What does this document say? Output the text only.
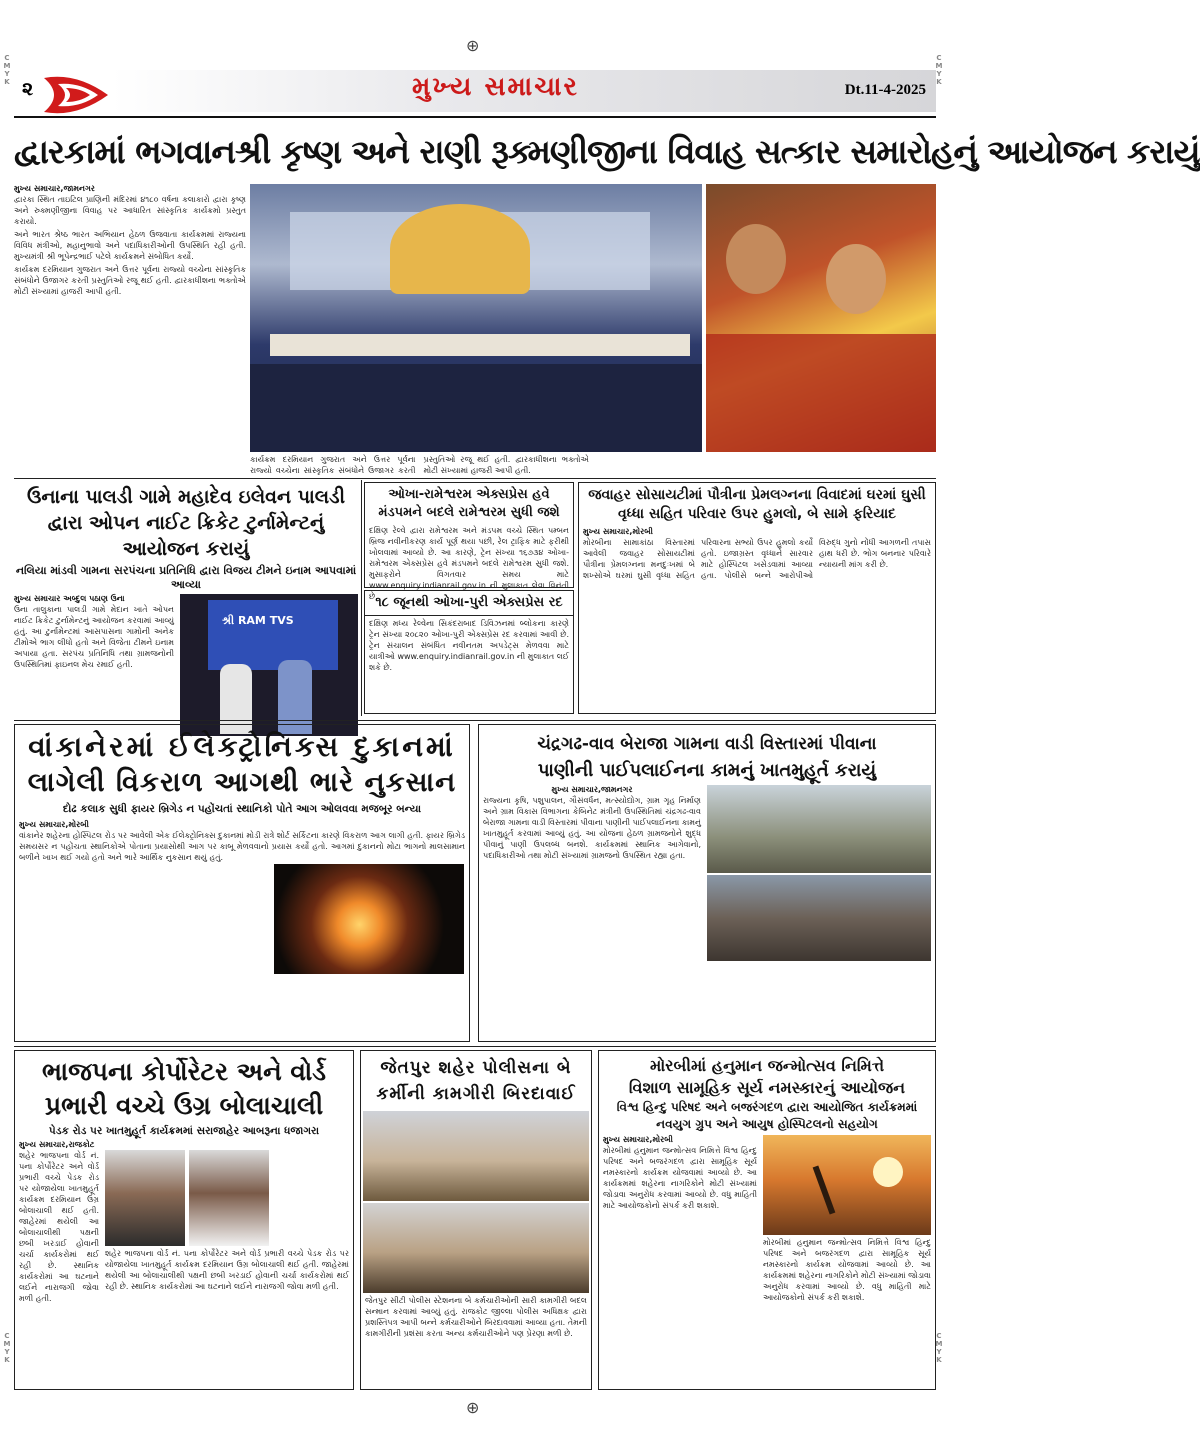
C
M
Y
K
C
M
Y
K
C
M
Y
K
C
M
Y
K
⊕
⊕
૨	મુખ્ય સમાચાર	Dt.11-4-2025
દ્વારકામાં ભગવાનશ્રી કૃષ્ણ અને રાણી રૂક્મણીજીના વિવાહ સત્કાર સમારોહનું આયોજન કરાયું
મુખ્ય સમાચાર,જામનગર

દ્વારકા સ્થિત તાઇટિલ પ્રાણિની મંદિરમાં ૪૧૮૦ વર્ષના કલાકારો દ્વારા કૃષ્ણ અને રુક્મણીજીના વિવાહ પર આધારિત સાંસ્કૃતિક કાર્યક્રમો પ્રસ્તુત કરાયો.

અને ભારત શ્રેષ્ઠ ભારત અભિયાન હેઠળ ઉજવાતા કાર્યક્રમમાં રાજ્યના વિવિધ મંત્રીઓ, મહાનુભાવો અને પદાધિકારીઓની ઉપસ્થિતિ રહી હતી. મુખ્યમંત્રી શ્રી ભૂપેન્દ્રભાઈ પટેલે કાર્યક્રમને સંબોધિત કર્યો.

કાર્યક્રમ દરમિયાન ગુજરાત અને ઉત્તર પૂર્વના રાજ્યો વચ્ચેના સાંસ્કૃતિક સંબંધોને ઉજાગર કરતી પ્રસ્તુતિઓ રજૂ થઈ હતી. દ્વારકાધીશના ભક્તોએ મોટી સંખ્યામાં હાજરી આપી હતી.

કાર્યક્રમ દરમિયાન ગુજરાત અને ઉત્તર પૂર્વના રાજ્યો વચ્ચેના સાંસ્કૃતિક સંબંધોને ઉજાગર કરતી પ્રસ્તુતિઓ રજૂ થઈ હતી. દ્વારકાધીશના ભક્તોએ મોટી સંખ્યામાં હાજરી આપી હતી.
ઉનાના પાલડી ગામે મહાદેવ ઇલેવન પાલડી દ્વારા ઓપન નાઈટ ક્રિકેટ ટુર્નામેન્ટનું આયોજન કરાયું
નલિયા માંડવી ગામના સરપંચના પ્રતિનિધિ દ્વારા વિજય ટીમને ઇનામ આપવામાં આવ્યા
મુખ્ય સમાચાર અબ્દુલ પઠાણ ઉના
ઉના તાલુકાના પાલડી ગામે મેદાન ખાતે ઓપન નાઈટ ક્રિકેટ ટુર્નામેન્ટનું આયોજન કરવામાં આવ્યું હતું. આ ટુર્નામેન્ટમાં આસપાસના ગામોની અનેક ટીમોએ ભાગ લીધો હતો અને વિજેતા ટીમને ઇનામ અપાયા હતા. સરપંચ પ્રતિનિધિ તથા ગ્રામજનોની ઉપસ્થિતિમાં ફાઇનલ મેચ રમાઈ હતી.
શ્રી RAM TVS
ઓખા-રામેશ્વરમ એક્સપ્રેસ હવે મંડપમને બદલે રામેશ્વરમ સુધી જશે
દક્ષિણ રેલ્વે દ્વારા રામેશ્વરમ અને મંડપમ વચ્ચે સ્થિત પમ્બન બ્રિજ નવીનીકરણ કાર્ય પૂર્ણ થયા પછી, રેલ ટ્રાફિક માટે ફરીથી ખોલવામાં આવ્યો છે. આ કારણે, ટ્રેન સંખ્યા ૧૬૭૩૪ ઓખા-રામેશ્વરમ એક્સપ્રેસ હવે મંડપમને બદલે રામેશ્વરમ સુધી જશે. મુસાફરોને વિગતવાર સમય માટે www.enquiry.indianrail.gov.in ની મુલાકાત લેવા વિનંતી છે.
૧૮ જૂનથી ઓખા-પુરી એક્સપ્રેસ રદ
દક્ષિણ મધ્ય રેલ્વેના સિકંદરાબાદ ડિવિઝનમાં બ્લોકના કારણે ટ્રેન સંખ્યા ૨૦૮૨૦ ઓખા-પુરી એક્સપ્રેસ રદ કરવામાં આવી છે. ટ્રેન સંચાલન સંબંધિત નવીનતમ અપડેટ્સ મેળવવા માટે યાત્રીઓ www.enquiry.indianrail.gov.in ની મુલાકાત લઈ શકે છે.
જવાહર સોસાયટીમાં પૌત્રીના પ્રેમલગ્નના વિવાદમાં ઘરમાં ઘુસી વૃધ્ધા સહિત પરિવાર ઉપર હુમલો, બે સામે ફરિયાદ
મુખ્ય સમાચાર,મોરબી
મોરબીના સામાકાંઠા વિસ્તારમાં આવેલી જવાહર સોસાયટીમાં પૌત્રીના પ્રેમલગ્નના મનદુઃખમાં બે શખ્સોએ ઘરમાં ઘુસી વૃધ્ધા સહિત પરિવારના સભ્યો ઉપર હુમલો કર્યો હતો. ઇજાગ્રસ્ત વૃધ્ધાને સારવાર માટે હોસ્પિટલ ખસેડવામાં આવ્યા હતા. પોલીસે બન્ને આરોપીઓ વિરુદ્ધ ગુનો નોંધી આગળની તપાસ હાથ ધરી છે. ભોગ બનનાર પરિવારે ન્યાયની માંગ કરી છે.
વાંકાનેરમાં ઈલેક્ટ્રોનિક્સ દુકાનમાં
લાગેલી વિકરાળ આગથી ભારે નુકસાન
દોઢ કલાક સુધી ફાયર બ્રિગેડ ન પહોંચતાં સ્થાનિકો પોતે આગ ઓલવવા મજબૂર બન્યા
મુખ્ય સમાચાર,મોરબી
વાંકાનેર શહેરના હોસ્પિટલ રોડ પર આવેલી એક ઈલેક્ટ્રોનિક્સ દુકાનમાં મોડી રાત્રે શોર્ટ સર્કિટના કારણે વિકરાળ આગ લાગી હતી. ફાયર બ્રિગેડ સમયસર ન પહોંચતા સ્થાનિકોએ પોતાના પ્રયાસોથી આગ પર કાબૂ મેળવવાનો પ્રયાસ કર્યો હતો. આગમાં દુકાનનો મોટા ભાગનો માલસામાન બળીને ખાખ થઈ ગયો હતો અને ભારે આર્થિક નુકસાન થયું હતું.
ચંદ્રગઢ-વાવ બેરાજા ગામના વાડી વિસ્તારમાં પીવાના
પાણીની પાઈપલાઈનના કામનું ખાતમુહૂર્ત કરાયું
મુખ્ય સમાચાર,જામનગર
રાજ્યના કૃષિ, પશુપાલન, ગૌસંવર્ધન, મત્સ્યોદ્યોગ, ગ્રામ ગૃહ નિર્માણ અને ગ્રામ વિકાસ વિભાગના કેબિનેટ મંત્રીની ઉપસ્થિતિમાં ચંદ્રગઢ-વાવ બેરાજા ગામના વાડી વિસ્તારમાં પીવાના પાણીની પાઈપલાઈનના કામનું ખાતમુહૂર્ત કરવામાં આવ્યું હતું. આ યોજના હેઠળ ગ્રામજનોને શુદ્ધ પીવાનું પાણી ઉપલબ્ધ બનશે. કાર્યક્રમમાં સ્થાનિક આગેવાનો, પદાધિકારીઓ તથા મોટી સંખ્યામાં ગ્રામજનો ઉપસ્થિત રહ્યા હતા.
ભાજપના કોર્પોરેટર અને વોર્ડ
પ્રભારી વચ્ચે ઉગ્ર બોલાચાલી
પેડક રોડ પર ખાતમુહૂર્ત કાર્યક્રમમાં સરાજાહેર આબરૂના ધજાગરા
મુખ્ય સમાચાર,રાજકોટ
શહેર ભાજપના વોર્ડ નં. ૫ના કોર્પોરેટર અને વોર્ડ પ્રભારી વચ્ચે પેડક રોડ પર યોજાયેલા ખાતમુહૂર્ત કાર્યક્રમ દરમિયાન ઉગ્ર બોલાચાલી થઈ હતી. જાહેરમાં થયેલી આ બોલાચાલીથી પક્ષની છબી ખરડાઈ હોવાની ચર્ચા કાર્યકરોમાં થઈ રહી છે. સ્થાનિક કાર્યકરોમાં આ ઘટનાને લઈને નારાજગી જોવા મળી હતી.
શહેર ભાજપના વોર્ડ નં. ૫ના કોર્પોરેટર અને વોર્ડ પ્રભારી વચ્ચે પેડક રોડ પર યોજાયેલા ખાતમુહૂર્ત કાર્યક્રમ દરમિયાન ઉગ્ર બોલાચાલી થઈ હતી. જાહેરમાં થયેલી આ બોલાચાલીથી પક્ષની છબી ખરડાઈ હોવાની ચર્ચા કાર્યકરોમાં થઈ રહી છે. સ્થાનિક કાર્યકરોમાં આ ઘટનાને લઈને નારાજગી જોવા મળી હતી.
જેતપુર શહેર પોલીસના બે
કર્મીની કામગીરી બિરદાવાઈ
જેતપુર સીટી પોલીસ સ્ટેશનના બે કર્મચારીઓની સારી કામગીરી બદલ સન્માન કરવામાં આવ્યું હતું. રાજકોટ જીલ્લા પોલીસ અધિક્ષક દ્વારા પ્રશસ્તિપત્ર આપી બન્ને કર્મચારીઓને બિરદાવવામાં આવ્યા હતા. તેમની કામગીરીની પ્રશંસા કરતા અન્ય કર્મચારીઓને પણ પ્રેરણા મળી છે.
મોરબીમાં હનુમાન જન્મોત્સવ નિમિત્તે
વિશાળ સામૂહિક સૂર્ય નમસ્કારનું આયોજન
વિશ્વ હિન્દુ પરિષદ અને બજરંગદળ દ્વારા આયોજિત કાર્યક્રમમાં નવયુગ ગ્રુપ અને આયુષ હોસ્પિટલનો સહયોગ
મુખ્ય સમાચાર,મોરબી
મોરબીમાં હનુમાન જન્મોત્સવ નિમિત્તે વિશ્વ હિન્દુ પરિષદ અને બજરંગદળ દ્વારા સામૂહિક સૂર્ય નમસ્કારનો કાર્યક્રમ યોજવામાં આવ્યો છે. આ કાર્યક્રમમાં શહેરના નાગરિકોને મોટી સંખ્યામાં જોડાવા અનુરોધ કરવામાં આવ્યો છે. વધુ માહિતી માટે આયોજકોનો સંપર્ક કરી શકાશે.
મોરબીમાં હનુમાન જન્મોત્સવ નિમિત્તે વિશ્વ હિન્દુ પરિષદ અને બજરંગદળ દ્વારા સામૂહિક સૂર્ય નમસ્કારનો કાર્યક્રમ યોજવામાં આવ્યો છે. આ કાર્યક્રમમાં શહેરના નાગરિકોને મોટી સંખ્યામાં જોડાવા અનુરોધ કરવામાં આવ્યો છે. વધુ માહિતી માટે આયોજકોનો સંપર્ક કરી શકાશે.
